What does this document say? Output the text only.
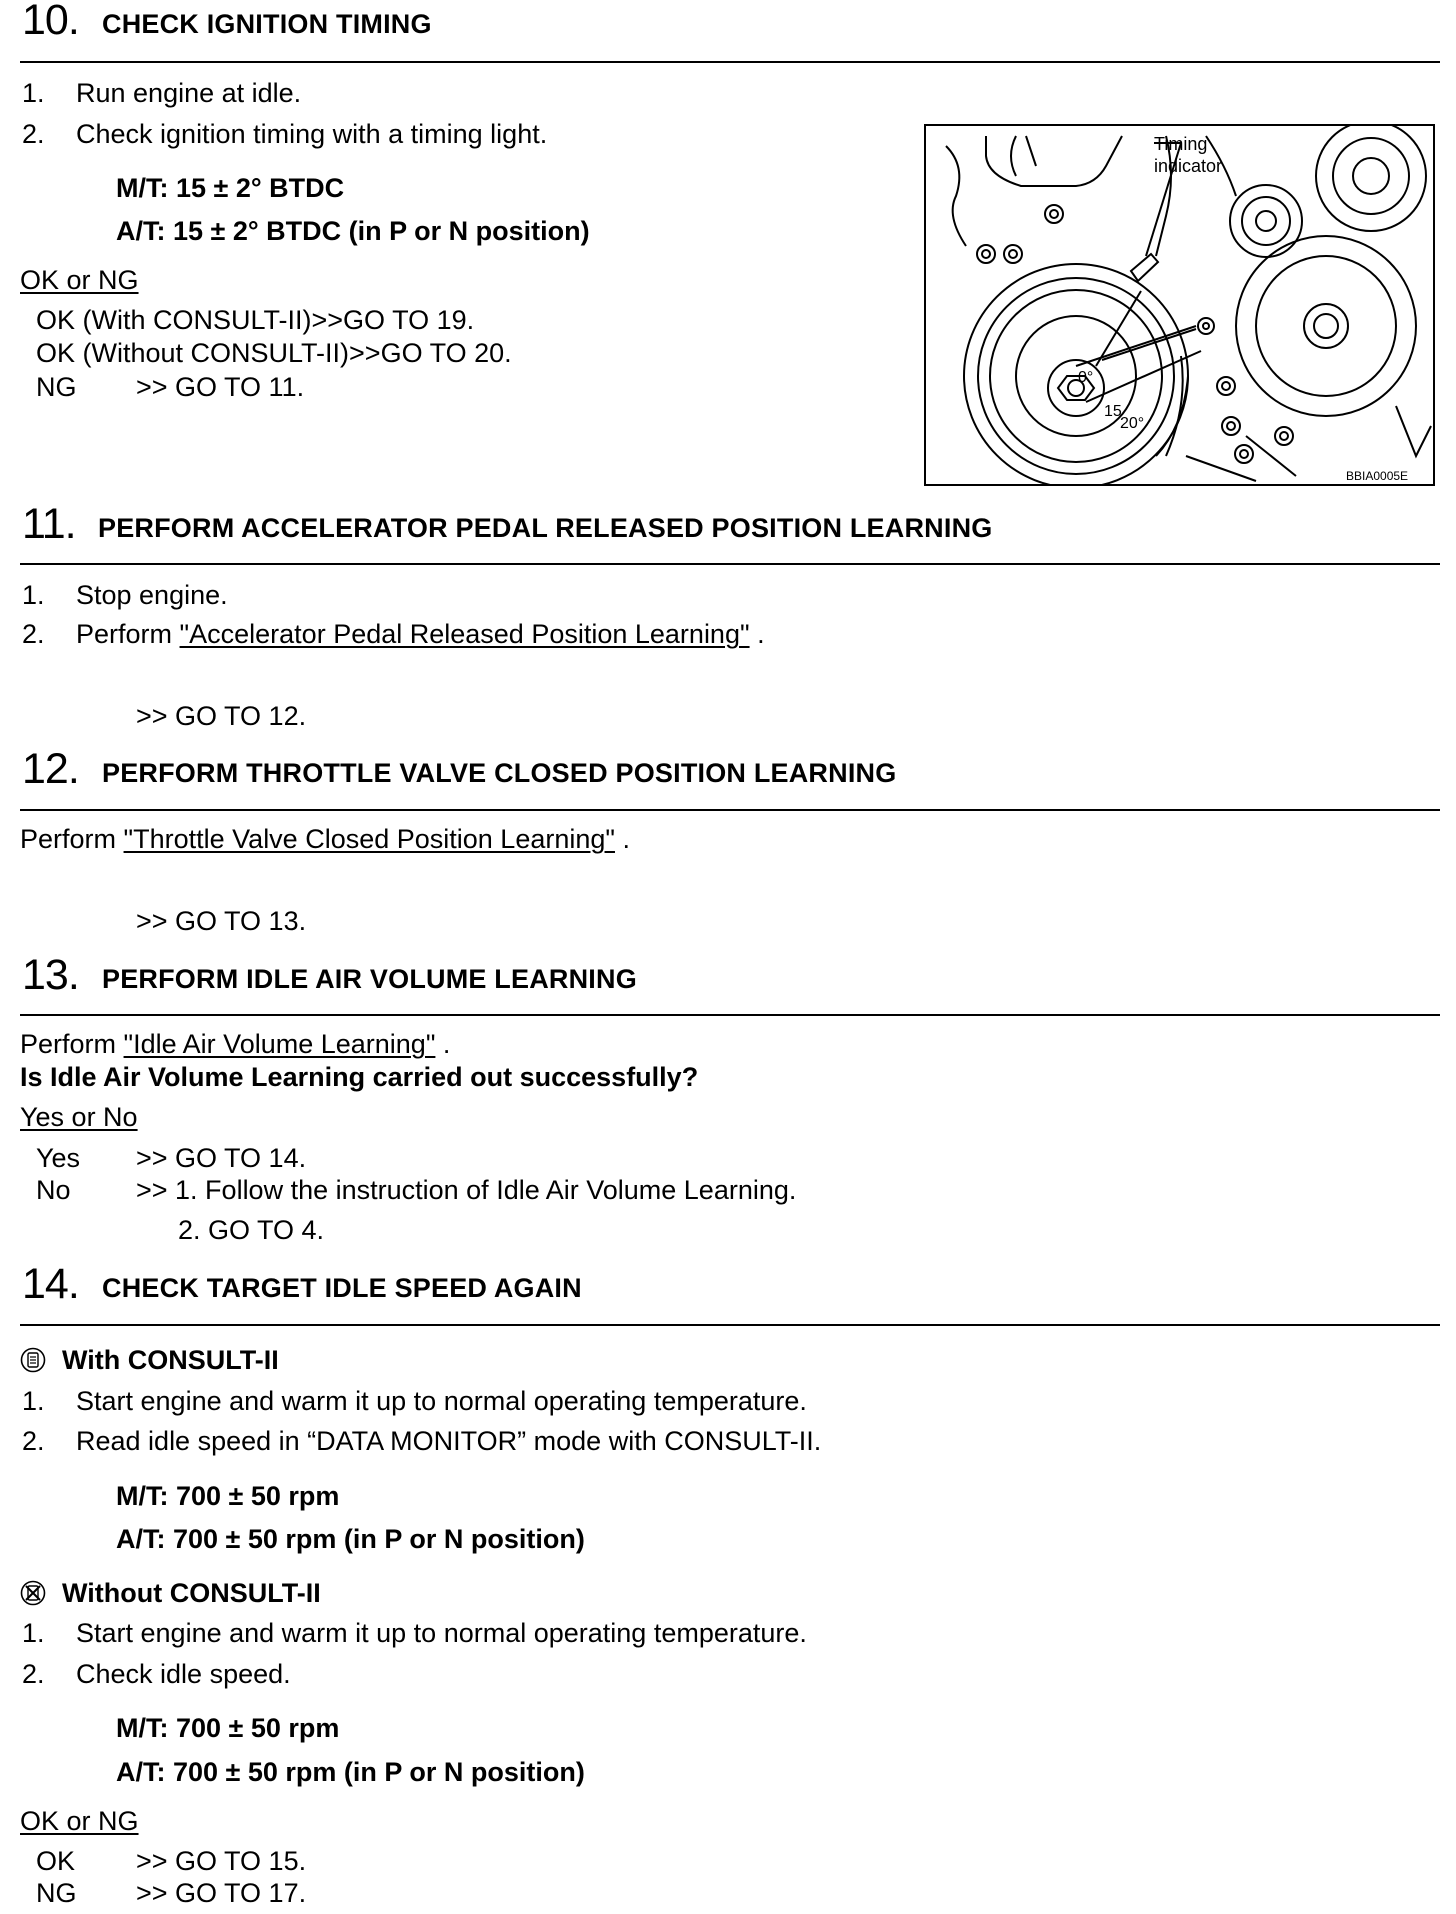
10. CHECK IGNITION TIMING
1. Run engine at idle.
2. Check ignition timing with a timing light.
M/T: 15 ± 2° BTDC
A/T: 15 ± 2° BTDC (in P or N position)
OK or NG
OK (With CONSULT-II)>>GO TO 19.
OK (Without CONSULT-II)>>GO TO 20.
NG >> GO TO 11.
Timing
indicator
0°
15
20°
BBIA0005E
11. PERFORM ACCELERATOR PEDAL RELEASED POSITION LEARNING
1. Stop engine.
2. Perform "Accelerator Pedal Released Position Learning" .
>> GO TO 12.
12. PERFORM THROTTLE VALVE CLOSED POSITION LEARNING
Perform "Throttle Valve Closed Position Learning" .
>> GO TO 13.
13. PERFORM IDLE AIR VOLUME LEARNING
Perform "Idle Air Volume Learning" .
Is Idle Air Volume Learning carried out successfully?
Yes or No
Yes >> GO TO 14.
No >> 1. Follow the instruction of Idle Air Volume Learning.
2. GO TO 4.
14. CHECK TARGET IDLE SPEED AGAIN
With CONSULT-II
1. Start engine and warm it up to normal operating temperature.
2. Read idle speed in “DATA MONITOR” mode with CONSULT-II.
M/T: 700 ± 50 rpm
A/T: 700 ± 50 rpm (in P or N position)
Without CONSULT-II
1. Start engine and warm it up to normal operating temperature.
2. Check idle speed.
M/T: 700 ± 50 rpm
A/T: 700 ± 50 rpm (in P or N position)
OK or NG
OK >> GO TO 15.
NG >> GO TO 17.
